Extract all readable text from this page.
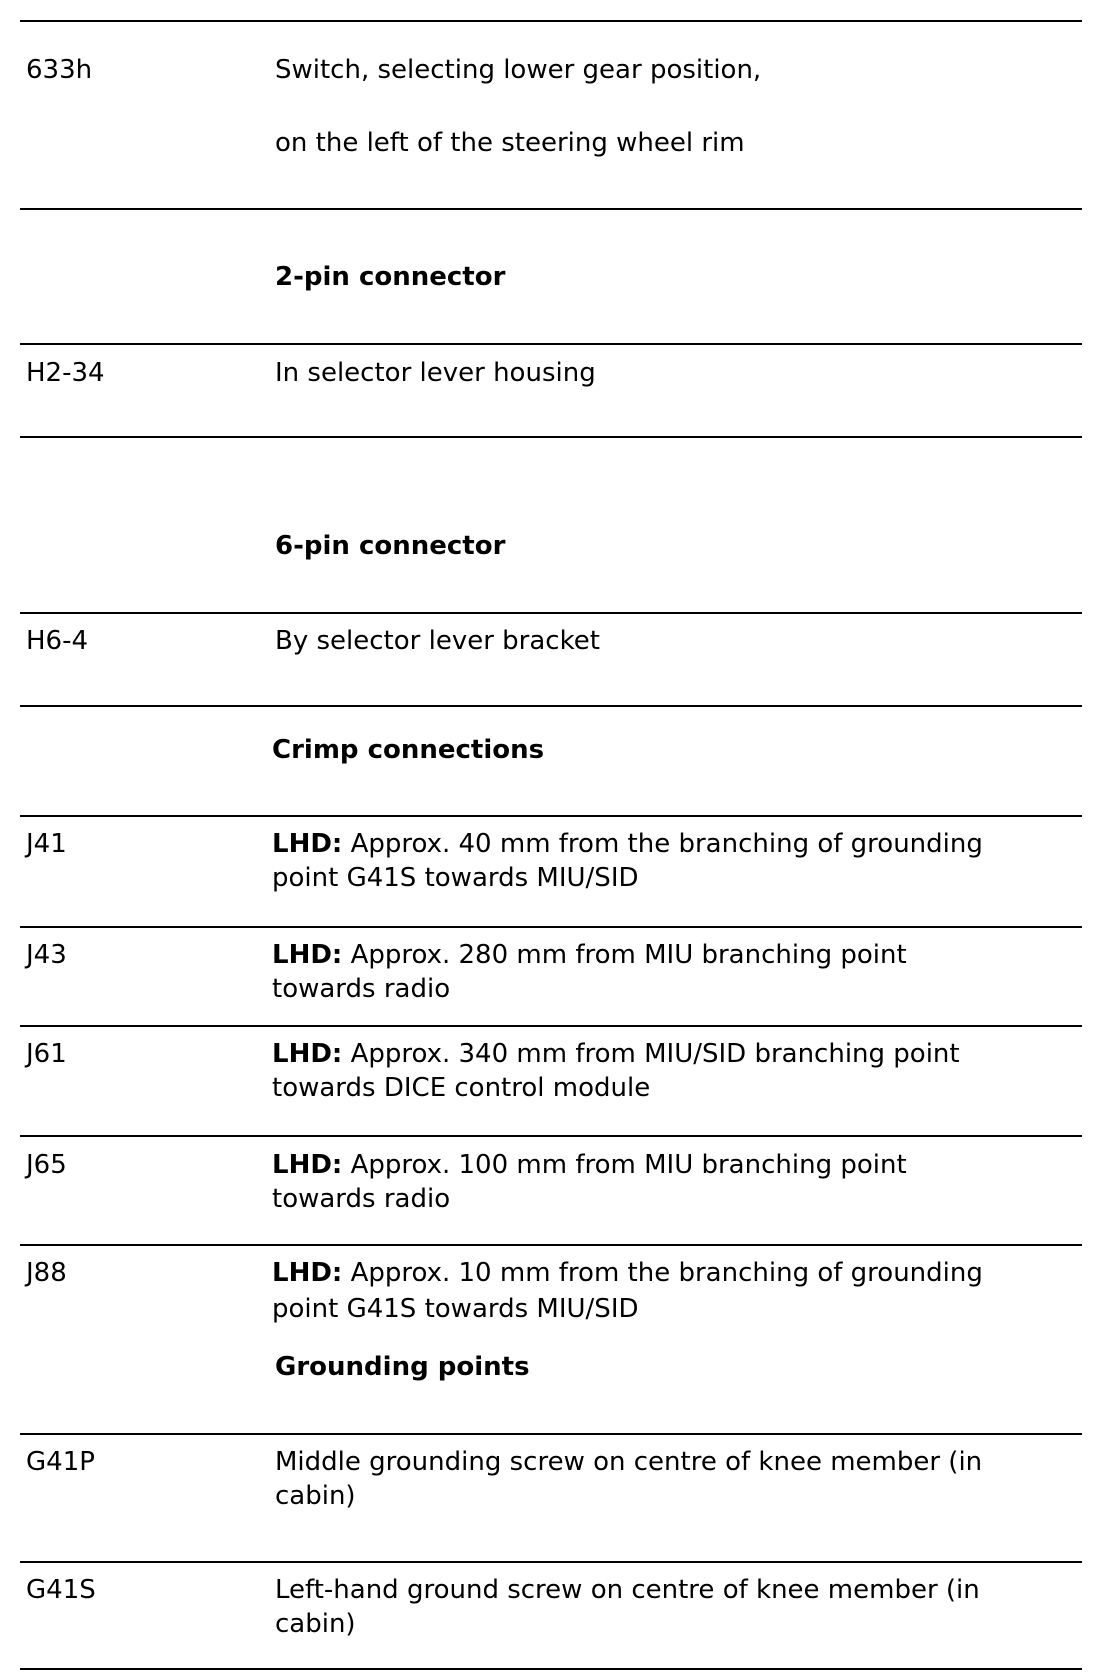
633h	Switch, selecting lower gear position,
on the left of the steering wheel rim
2-pin connector
H2-34	In selector lever housing
6-pin connector
H6-4	By selector lever bracket
Crimp connections
J41	LHD: Approx. 40 mm from the branching of grounding
point G41S towards MIU/SID
J43	LHD: Approx. 280 mm from MIU branching point
towards radio
J61	LHD: Approx. 340 mm from MIU/SID branching point
towards DICE control module
J65	LHD: Approx. 100 mm from MIU branching point
towards radio
J88	LHD: Approx. 10 mm from the branching of grounding
point G41S towards MIU/SID
Grounding points
G41P	Middle grounding screw on centre of knee member (in
cabin)
G41S	Left-hand ground screw on centre of knee member (in
cabin)
